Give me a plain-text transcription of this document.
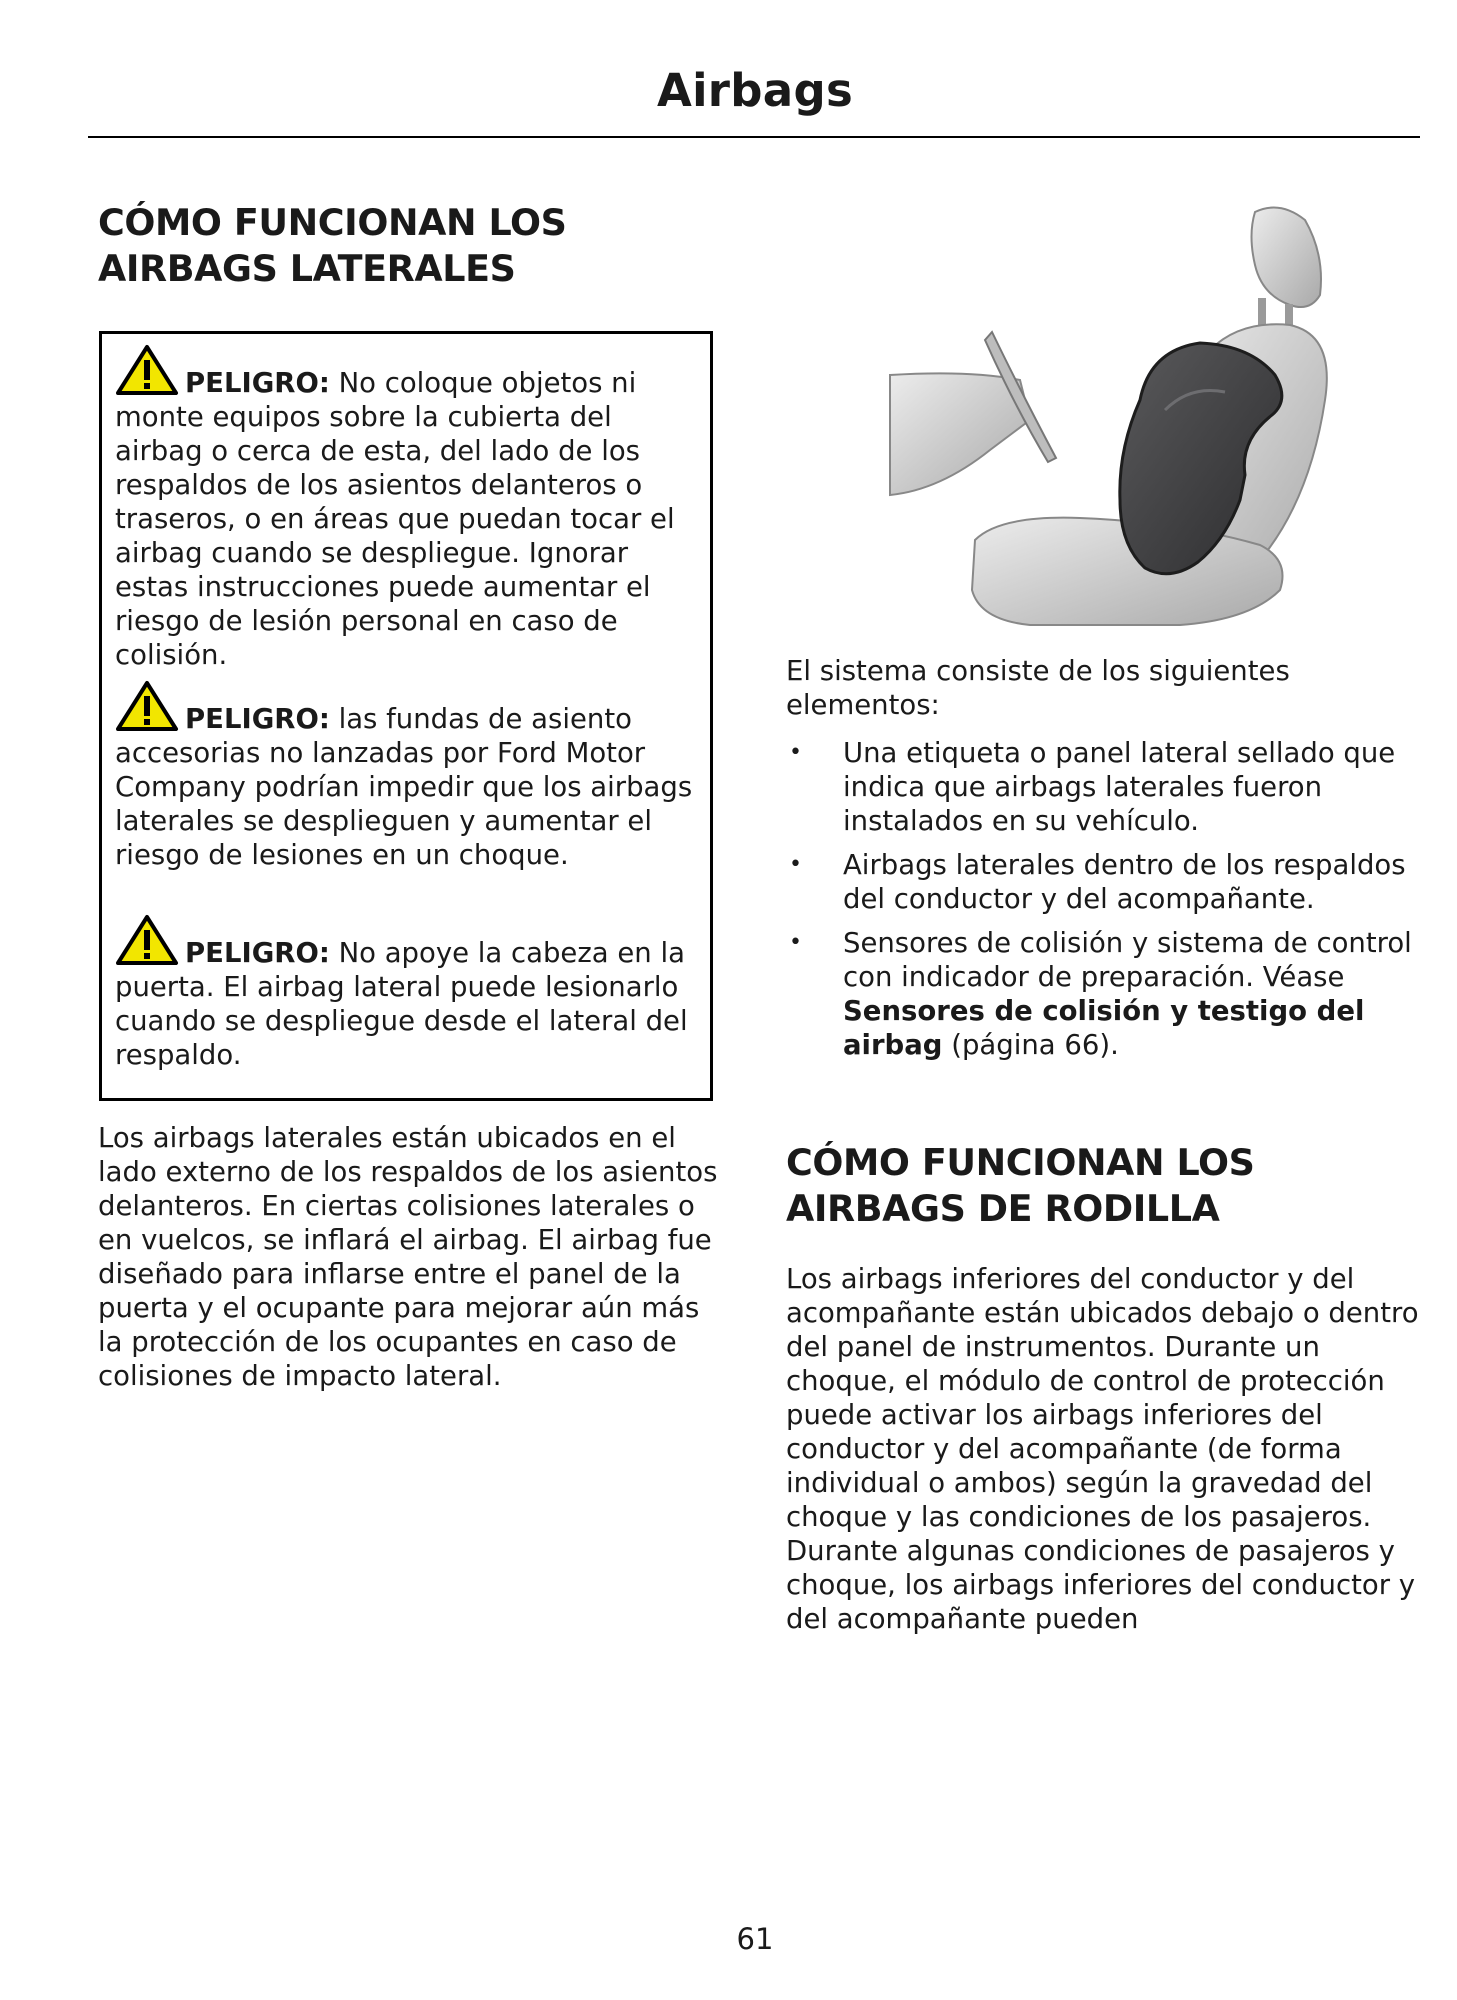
Airbags
CÓMO FUNCIONAN LOS
AIRBAGS LATERALES

PELIGRO: No coloque objetos ni monte equipos sobre la cubierta del airbag o cerca de esta, del lado de los respaldos de los asientos delanteros o traseros, o en áreas que puedan tocar el airbag cuando se despliegue. Ignorar estas instrucciones puede aumentar el riesgo de lesión personal en caso de colisión.

PELIGRO: las fundas de asiento accesorias no lanzadas por Ford Motor Company podrían impedir que los airbags laterales se desplieguen y aumentar el riesgo de lesiones en un choque.

PELIGRO: No apoye la cabeza en la puerta. El airbag lateral puede lesionarlo cuando se despliegue desde el lateral del respaldo.

Los airbags laterales están ubicados en el lado externo de los respaldos de los asientos delanteros. En ciertas colisiones laterales o en vuelcos, se inflará el airbag. El airbag fue diseñado para inflarse entre el panel de la puerta y el ocupante para mejorar aún más la protección de los ocupantes en caso de colisiones de impacto lateral.

El sistema consiste de los siguientes elementos:

• Una etiqueta o panel lateral sellado que indica que airbags laterales fueron instalados en su vehículo.
• Airbags laterales dentro de los respaldos del conductor y del acompañante.
• Sensores de colisión y sistema de control con indicador de preparación. Véase Sensores de colisión y testigo del airbag (página 66).
CÓMO FUNCIONAN LOS
AIRBAGS DE RODILLA

Los airbags inferiores del conductor y del acompañante están ubicados debajo o dentro del panel de instrumentos. Durante un choque, el módulo de control de protección puede activar los airbags inferiores del conductor y del acompañante (de forma individual o ambos) según la gravedad del choque y las condiciones de los pasajeros. Durante algunas condiciones de pasajeros y choque, los airbags inferiores del conductor y del acompañante pueden

61
